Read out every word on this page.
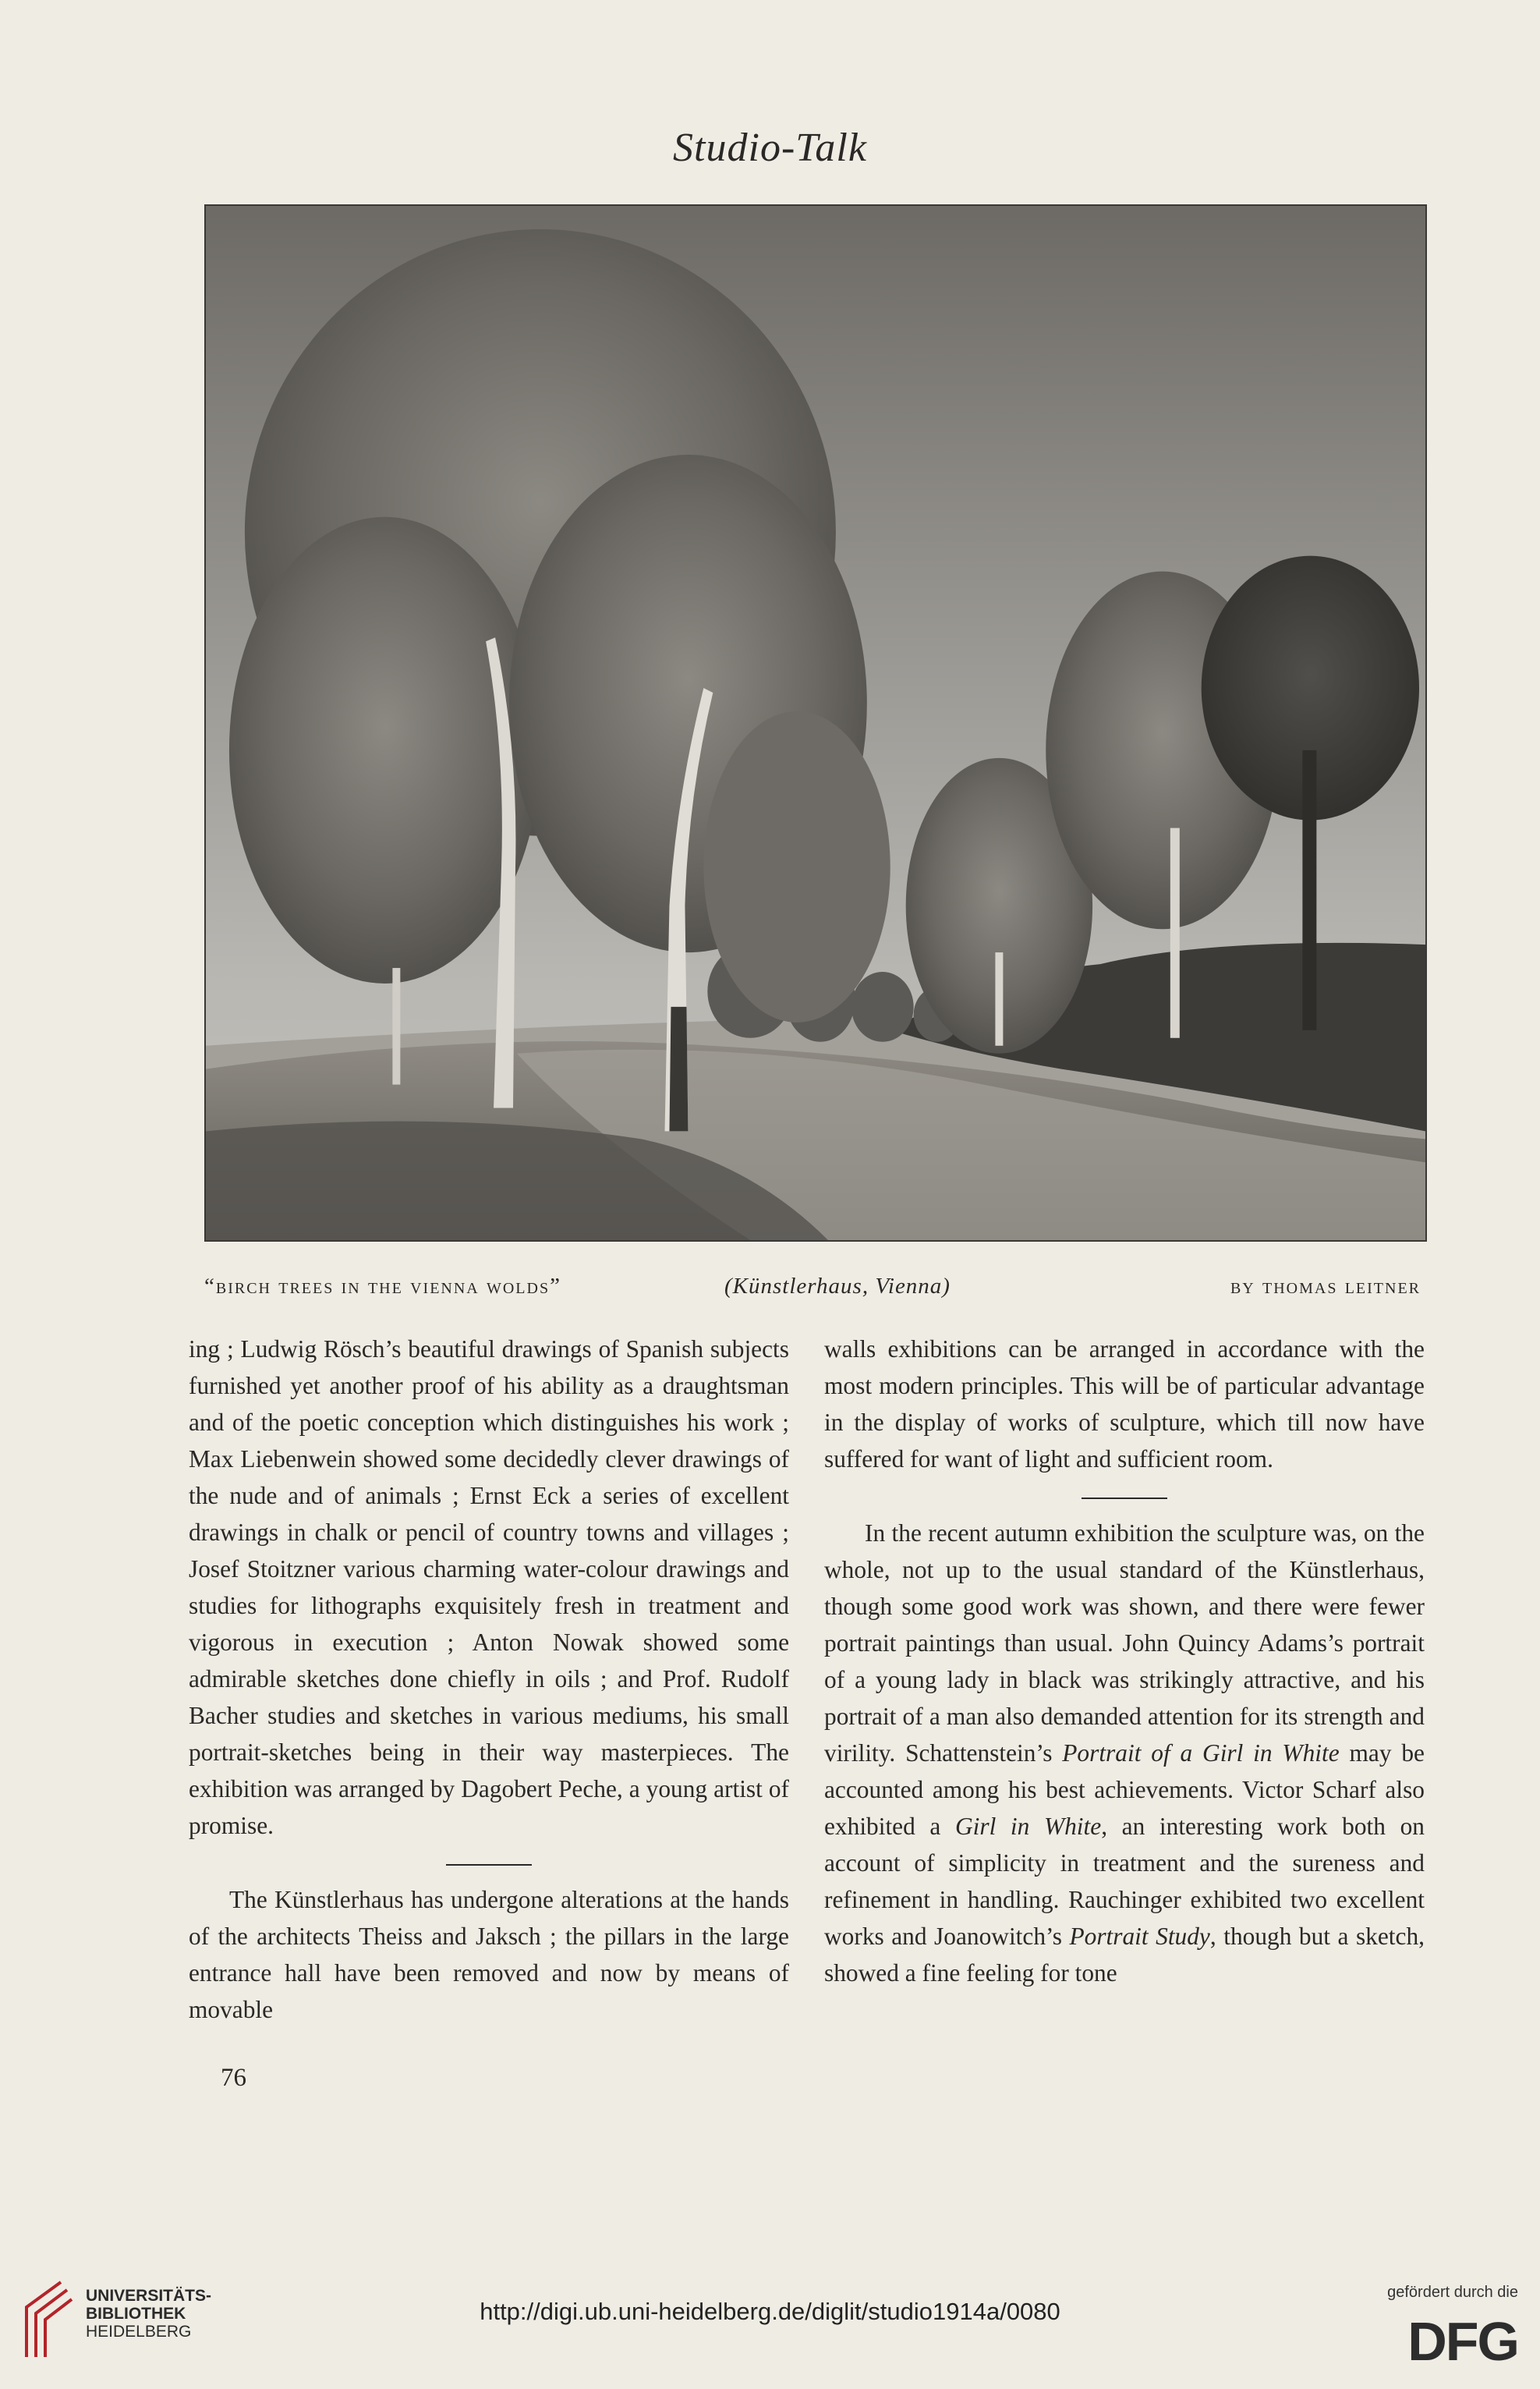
Studio-Talk
“birch trees in the vienna wolds”	(Künstlerhaus, Vienna)	by thomas leitner

ing ; Ludwig Rösch’s beautiful drawings of Spanish subjects furnished yet another proof of his ability as a draughtsman and of the poetic conception which distinguishes his work ; Max Liebenwein showed some decidedly clever drawings of the nude and of animals ; Ernst Eck a series of excellent drawings in chalk or pencil of country towns and villages ; Josef Stoitzner various charming water-colour drawings and studies for lithographs exquisitely fresh in treatment and vigorous in execution ; Anton Nowak showed some admirable sketches done chiefly in oils ; and Prof. Rudolf Bacher studies and sketches in various mediums, his small portrait-sketches being in their way masterpieces. The exhibition was arranged by Dagobert Peche, a young artist of promise.

The Künstlerhaus has undergone alterations at the hands of the architects Theiss and Jaksch ; the pillars in the large entrance hall have been removed and now by means of movable

walls exhibitions can be arranged in accordance with the most modern principles. This will be of particular advantage in the display of works of sculpture, which till now have suffered for want of light and sufficient room.

In the recent autumn exhibition the sculpture was, on the whole, not up to the usual standard of the Künstlerhaus, though some good work was shown, and there were fewer portrait paintings than usual. John Quincy Adams’s portrait of a young lady in black was strikingly attractive, and his portrait of a man also demanded attention for its strength and virility. Schattenstein’s Portrait of a Girl in White may be accounted among his best achievements. Victor Scharf also exhibited a Girl in White, an interesting work both on account of simplicity in treatment and the sureness and refinement in handling. Rauchinger exhibited two excellent works and Joanowitch’s Portrait Study, though but a sketch, showed a fine feeling for tone

76
UNIVERSITÄTS-
BIBLIOTHEK
HEIDELBERG
http://digi.ub.uni-heidelberg.de/diglit/studio1914a/0080
gefördert durch die
DFG
